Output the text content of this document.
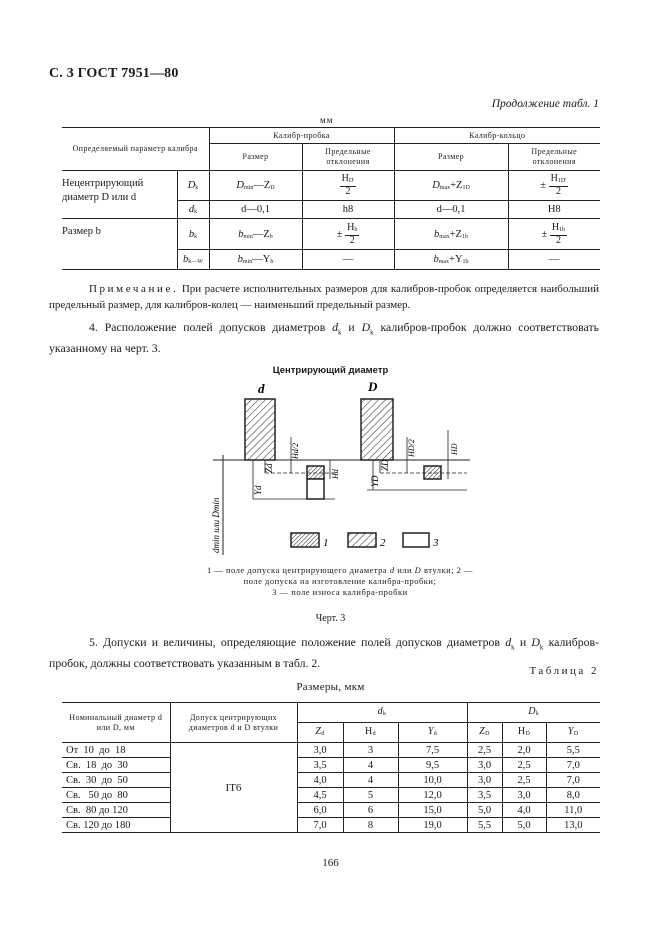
С. 3 ГОСТ 7951—80
Продолжение табл. 1
мм
Определяемый параметр калибра		Калибр-пробка		Калибр-кольцо	
		Размер	Предельные отклонения	Размер	Предельные отклонения
Нецентрирующий диаметр D или d	Dk	Dmin—ZD	$\frac{HD'}{2}$	Dmax+Z1D	± $\frac{H1D'}{2}$

	dk	d—0,1	h8	d—0,1	H8
Размер b	bk	bmin—Zb	± $\frac{Hb}{2}$	bmax+Z1b	± $\frac{H1b}{2}$

	bk—W	bmin—Yb	—	bmax+Y1b	—
Примечание. При расчете исполнительных размеров для калибров-пробок определяется наибольший предельный размер, для калибров-колец — наименьший предельный размер.
4. Расположение полей допусков диаметров $d_k$ и $D_k$ калибров-пробок должно соответствовать указанному на черт. 3.
Центрирующий диаметр
dmin или Dmin
d
Yd
Zd
Hd/2
Hd
D
YD
ZD
HD/2	HD
1	2	3
1 — поле допуска центрирующего диаметра d или D втулки; 2 — поле допуска на изготовление калибра-пробки;
3 — поле износа калибра-пробки
Черт. 3
5. Допуски и величины, определяющие положение полей допусков диаметров $d_k$ и $D_k$ калибров-пробок, должны соответствовать указанным в табл. 2.
Таблица 2
Размеры, мкм
Номинальный диаметр d или D, мм	Допуск центрирующих диаметров d и D втулки	dk			Dk		
		Zd	Hd	Yd	ZD	HD	YD
От  10  до  18	IT6	3,0	3	7,5	2,5	2,0	5,5
Св.  18  до  30		3,5	4	9,5	3,0	2,5	7,0
Св.  30  до  50		4,0	4	10,0	3,0	2,5	7,0
Св.   50 до  80		4,5	5	12,0	3,5	3,0	8,0
Св.  80 до 120		6,0	6	15,0	5,0	4,0	11,0
Св. 120 до 180		7,0	8	19,0	5,5	5,0	13,0
166
